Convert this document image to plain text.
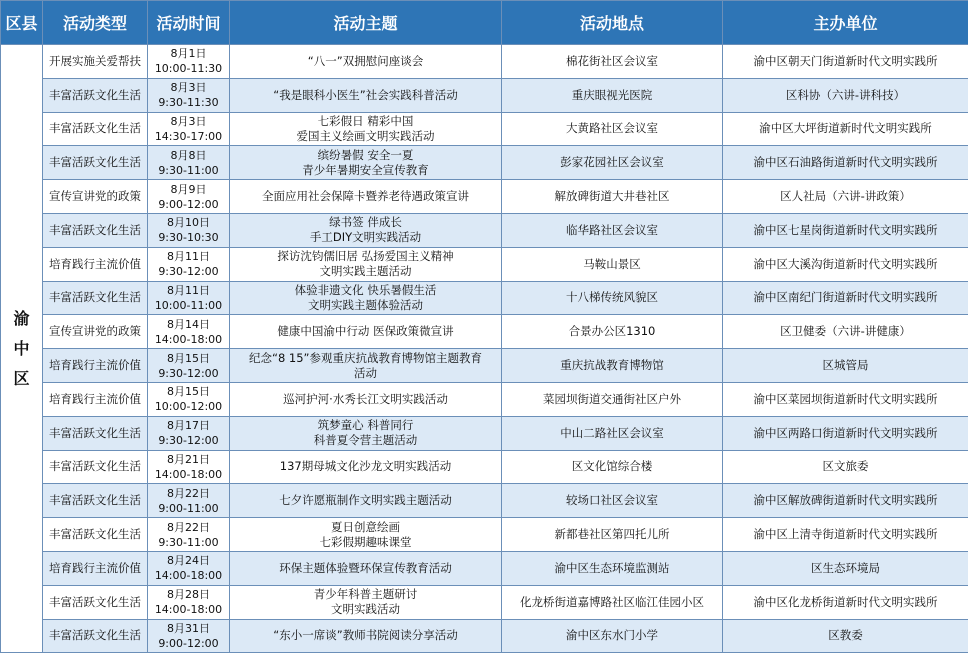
区县	活动类型	活动时间	活动主题	活动地点	主办单位

渝
中
区	开展实施关爱帮扶	8月1日
10:00-11:30	“八一”双拥慰问座谈会	棉花街社区会议室	渝中区朝天门街道新时代文明实践所
	丰富活跃文化生活	8月3日
9:30-11:30	“我是眼科小医生”社会实践科普活动	重庆眼视光医院	区科协（六讲-讲科技）
	丰富活跃文化生活	8月3日
14:30-17:00	七彩假日 精彩中国
爱国主义绘画文明实践活动	大黄路社区会议室	渝中区大坪街道新时代文明实践所
	丰富活跃文化生活	8月8日
9:30-11:00	缤纷暑假 安全一夏
青少年暑期安全宣传教育	彭家花园社区会议室	渝中区石油路街道新时代文明实践所
	宣传宣讲党的政策	8月9日
9:00-12:00	全面应用社会保障卡暨养老待遇政策宣讲	解放碑街道大井巷社区	区人社局（六讲-讲政策）
	丰富活跃文化生活	8月10日
9:30-10:30	绿书签 伴成长
手工DIY文明实践活动	临华路社区会议室	渝中区七星岗街道新时代文明实践所
	培育践行主流价值	8月11日
9:30-12:00	探访沈钧儒旧居 弘扬爱国主义精神
文明实践主题活动	马鞍山景区	渝中区大溪沟街道新时代文明实践所
	丰富活跃文化生活	8月11日
10:00-11:00	体验非遗文化 快乐暑假生活
文明实践主题体验活动	十八梯传统风貌区	渝中区南纪门街道新时代文明实践所
	宣传宣讲党的政策	8月14日
14:00-18:00	健康中国渝中行动 医保政策微宣讲	合景办公区1310	区卫健委（六讲-讲健康）
	培育践行主流价值	8月15日
9:30-12:00	纪念“8 15”参观重庆抗战教育博物馆主题教育
活动	重庆抗战教育博物馆	区城管局
	培育践行主流价值	8月15日
10:00-12:00	巡河护河·水秀长江文明实践活动	菜园坝街道交通街社区户外	渝中区菜园坝街道新时代文明实践所
	丰富活跃文化生活	8月17日
9:30-12:00	筑梦童心 科普同行
科普夏令营主题活动	中山二路社区会议室	渝中区两路口街道新时代文明实践所
	丰富活跃文化生活	8月21日
14:00-18:00	137期母城文化沙龙文明实践活动	区文化馆综合楼	区文旅委
	丰富活跃文化生活	8月22日
9:00-11:00	七夕许愿瓶制作文明实践主题活动	较场口社区会议室	渝中区解放碑街道新时代文明实践所
	丰富活跃文化生活	8月22日
9:30-11:00	夏日创意绘画
七彩假期趣味课堂	新都巷社区第四托儿所	渝中区上清寺街道新时代文明实践所
	培育践行主流价值	8月24日
14:00-18:00	环保主题体验暨环保宣传教育活动	渝中区生态环境监测站	区生态环境局
	丰富活跃文化生活	8月28日
14:00-18:00	青少年科普主题研讨
文明实践活动	化龙桥街道嘉博路社区临江佳园小区	渝中区化龙桥街道新时代文明实践所
	丰富活跃文化生活	8月31日
9:00-12:00	“东小一席谈”教师书院阅读分享活动	渝中区东水门小学	区教委
